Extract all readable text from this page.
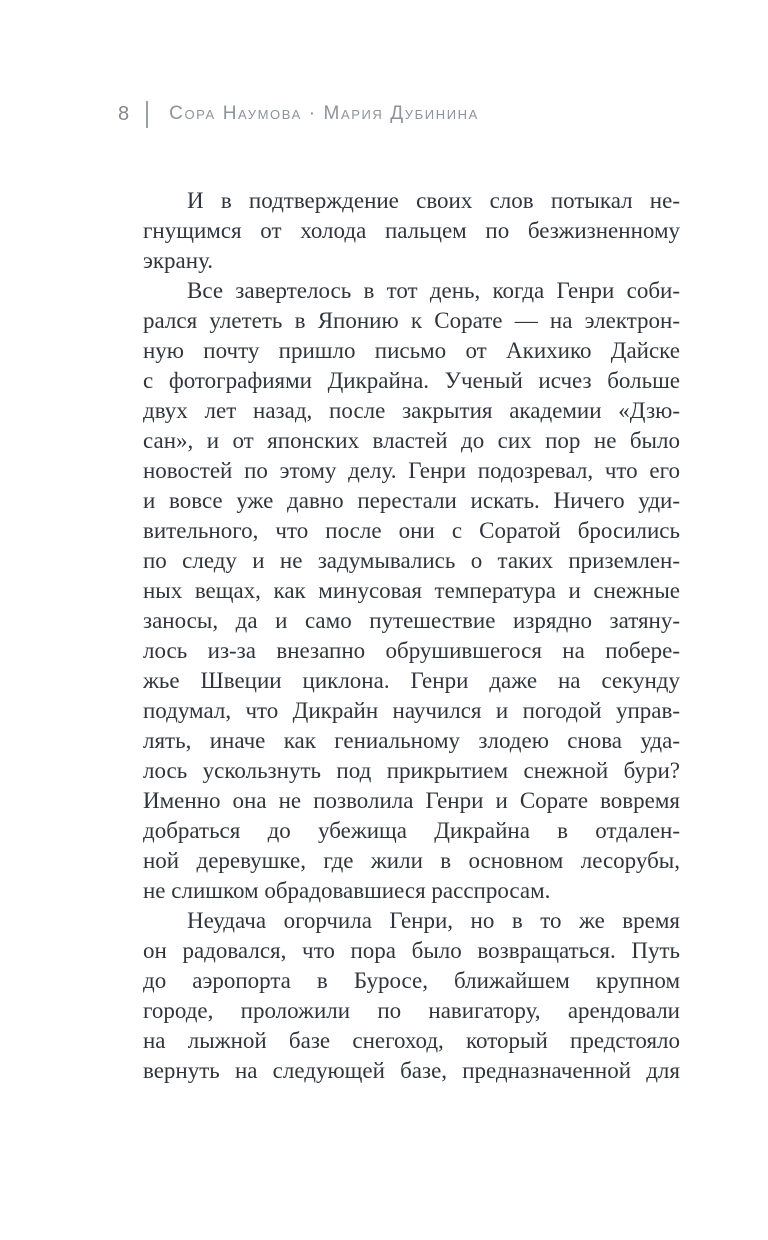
8 Сора Наумова · Мария Дубинина
И в подтверждение своих слов потыкал не-
гнущимся от холода пальцем по безжизненному
экрану.
Все завертелось в тот день, когда Генри соби-
рался улететь в Японию к Сорате — на электрон-
ную почту пришло письмо от Акихико Дайске
с фотографиями Дикрайна. Ученый исчез больше
двух лет назад, после закрытия академии «Дзю-
сан», и от японских властей до сих пор не было
новостей по этому делу. Генри подозревал, что его
и вовсе уже давно перестали искать. Ничего уди-
вительного, что после они с Соратой бросились
по следу и не задумывались о таких приземлен-
ных вещах, как минусовая температура и снежные
заносы, да и само путешествие изрядно затяну-
лось из-за внезапно обрушившегося на побере-
жье Швеции циклона. Генри даже на секунду
подумал, что Дикрайн научился и погодой управ-
лять, иначе как гениальному злодею снова уда-
лось ускользнуть под прикрытием снежной бури?
Именно она не позволила Генри и Сорате вовремя
добраться до убежища Дикрайна в отдален-
ной деревушке, где жили в основном лесорубы,
не слишком обрадовавшиеся расспросам.
Неудача огорчила Генри, но в то же время
он радовался, что пора было возвращаться. Путь
до аэропорта в Буросе, ближайшем крупном
городе, проложили по навигатору, арендовали
на лыжной базе снегоход, который предстояло
вернуть на следующей базе, предназначенной для
